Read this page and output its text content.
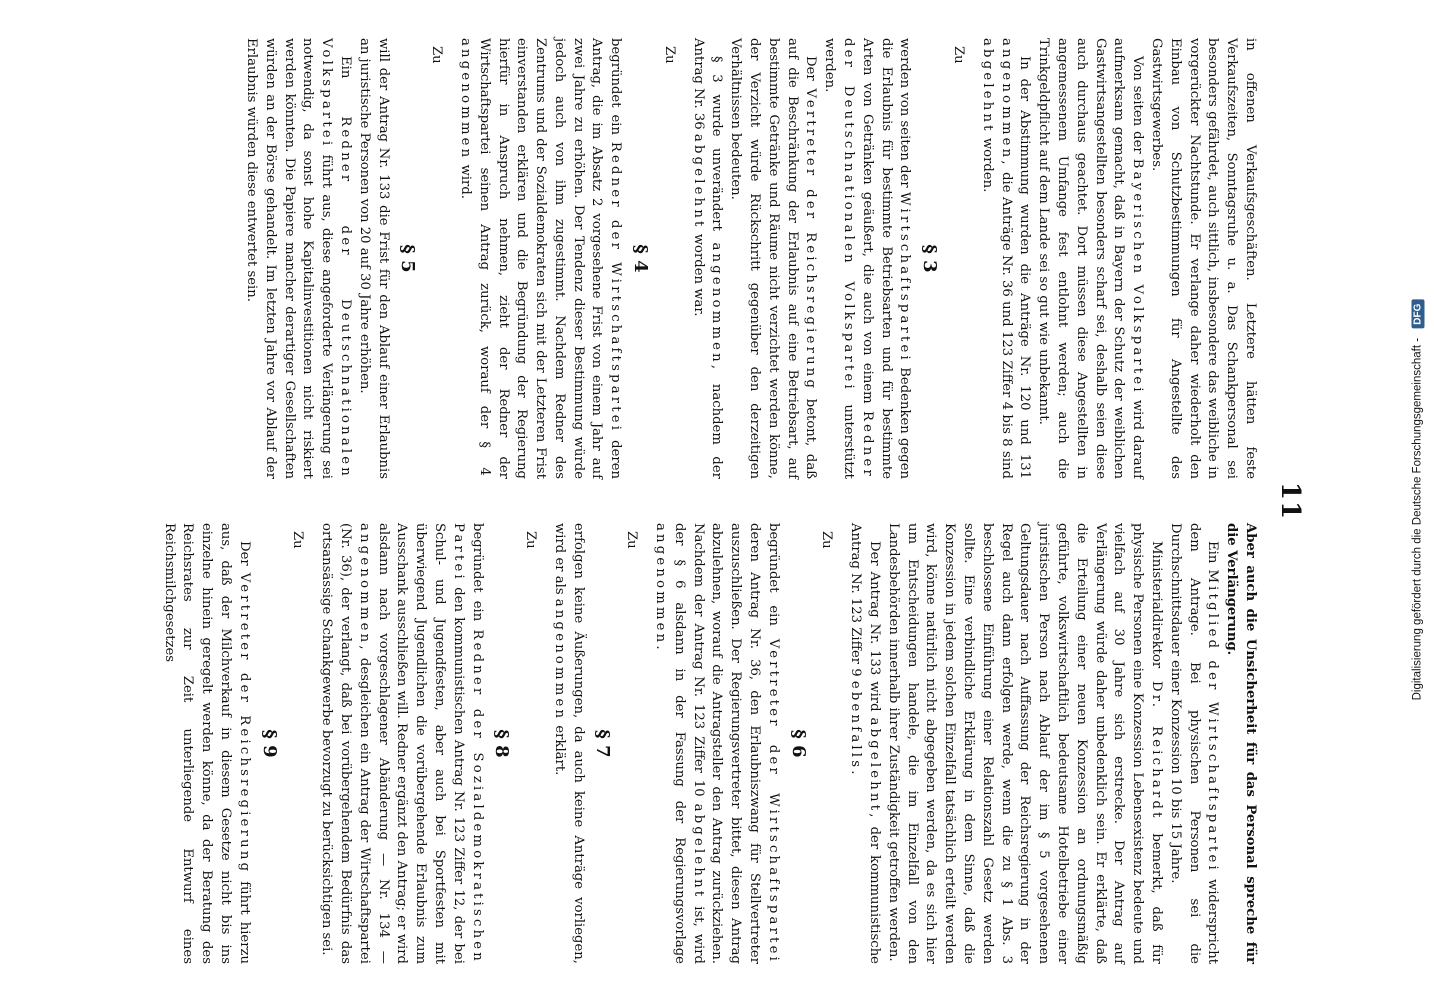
Digitalisierung gefördert durch die Deutsche Forschungsgemeinschaft - DFG
11

in offenen Verkaufsgeschäften. Letztere hätten feste Verkaufszeiten, Sonntagsruhe u. a. Das Schankpersonal sei besonders gefährdet, auch sittlich, insbesondere das weibliche in vorgerückter Nachtstunde. Er verlange daher wiederholt den Einbau von Schutzbestimmungen für Angestellte des Gastwirtsgewerbes.

Von seiten der Bayerischen Volkspartei wird darauf aufmerksam gemacht, daß in Bayern der Schutz der weiblichen Gastwirtsangestellten besonders scharf sei, deshalb seien diese auch durchaus geachtet. Dort müssen diese Angestellten in angemessenem Umfange fest entlohnt werden; auch die Trinkgeldpflicht auf dem Lande sei so gut wie unbekannt.

In der Abstimmung wurden die Anträge Nr. 120 und 131 angenommen, die Anträge Nr. 36 und 123 Ziffer 4 bis 8 sind abgelehnt worden.

Zu

§ 3

werden von seiten der Wirtschaftspartei Bedenken gegen die Erlaubnis für bestimmte Betriebsarten und für bestimmte Arten von Getränken geäußert, die auch von einem Redner der Deutschnationalen Volkspartei unterstützt werden.

Der Vertreter der Reichsregierung betont, daß auf die Beschränkung der Erlaubnis auf eine Betriebsart, auf bestimmte Getränke und Räume nicht verzichtet werden könne, der Verzicht würde Rückschritt gegenüber den derzeitigen Verhältnissen bedeuten.

§ 3 wurde unverändert angenommen, nachdem der Antrag Nr. 36 abgelehnt worden war.

Zu

§ 4

begründet ein Redner der Wirtschaftspartei deren Antrag, die im Absatz 2 vorgesehene Frist von einem Jahr auf zwei Jahre zu erhöhen. Der Tendenz dieser Bestimmung würde jedoch auch von ihm zugestimmt. Nachdem Redner des Zentrums und der Sozialdemokraten sich mit der Letzteren Frist einverstanden erklären und die Begründung der Regierung hierfür in Anspruch nehmen, zieht der Redner der Wirtschaftspartei seinen Antrag zurück, worauf der § 4 angenommen wird.

Zu

§ 5

will der Antrag Nr. 133 die Frist für den Ablauf einer Erlaubnis an juristische Personen von 20 auf 30 Jahre erhöhen.

Ein Redner der Deutschnationalen Volkspartei führt aus, diese angeforderte Verlängerung sei notwendig, da sonst hohe Kapitalinvestitionen nicht riskiert werden könnten. Die Papiere mancher derartiger Gesellschaften würden an der Börse gehandelt. Im letzten Jahre vor Ablauf der Erlaubnis würden diese entwertet sein.

Aber auch die Unsicherheit für das Personal spreche für die Verlängerung.

Ein Mitglied der Wirtschaftspartei widerspricht dem Antrage. Bei physischen Personen sei die Durchschnittsdauer einer Konzession 10 bis 15 Jahre.

Ministerialdirektor Dr. Reichardt bemerkt, daß für physische Personen eine Konzession Lebensexistenz bedeute und vielfach auf 30 Jahre sich erstrecke. Der Antrag auf Verlängerung würde daher unbedenklich sein. Er erklärte, daß die Erteilung einer neuen Konzession an ordnungsmäßig geführte, volkswirtschaftlich bedeutsame Hotelbetriebe einer juristischen Person nach Ablauf der im § 5 vorgesehenen Geltungsdauer nach Auffassung der Reichsregierung in der Regel auch dann erfolgen werde, wenn die zu § 1 Abs. 3 beschlossene Einführung einer Relationszahl Gesetz werden sollte. Eine verbindliche Erklärung in dem Sinne, daß die Konzession in jedem solchen Einzelfall tatsächlich erteilt werden wird, könne natürlich nicht abgegeben werden, da es sich hier um Entscheidungen handele, die im Einzelfall von den Landesbehörden innerhalb ihrer Zuständigkeit getroffen werden.

Der Antrag Nr. 133 wird abgelehnt, der kommunistische Antrag Nr. 123 Ziffer 9 ebenfalls.

Zu

§ 6

begründet ein Vertreter der Wirtschaftspartei deren Antrag Nr. 36, den Erlaubniszwang für Stellvertreter auszuschließen. Der Regierungsvertreter bittet, diesen Antrag abzulehnen, worauf die Antragsteller den Antrag zurückziehen. Nachdem der Antrag Nr. 123 Ziffer 10 abgelehnt ist, wird der § 6 alsdann in der Fassung der Regierungsvorlage angenommen.

Zu

§ 7

erfolgen keine Äußerungen, da auch keine Anträge vorliegen, wird er als angenommen erklärt.

Zu

§ 8

begründet ein Redner der Sozialdemokratischen Partei den kommunistischen Antrag Nr. 123 Ziffer 12, der bei Schul- und Jugendfesten, aber auch bei Sportfesten mit überwiegend Jugendlichen die vorübergehende Erlaubnis zum Ausschank ausschließen will. Redner ergänzt den Antrag; er wird alsdann nach vorgeschlagener Abänderung — Nr. 134 — angenommen, desgleichen ein Antrag der Wirtschaftspartei (Nr. 36), der verlangt, daß bei vorübergehendem Bedürfnis das ortsansässige Schankgewerbe bevorzugt zu berücksichtigen sei.

Zu

§ 9

Der Vertreter der Reichsregierung führt hierzu aus, daß der Milchverkauf in diesem Gesetze nicht bis ins einzelne hinein geregelt werden könne, da der Beratung des Reichsrates zur Zeit unterliegende Entwurf eines Reichsmilchgesetzes
